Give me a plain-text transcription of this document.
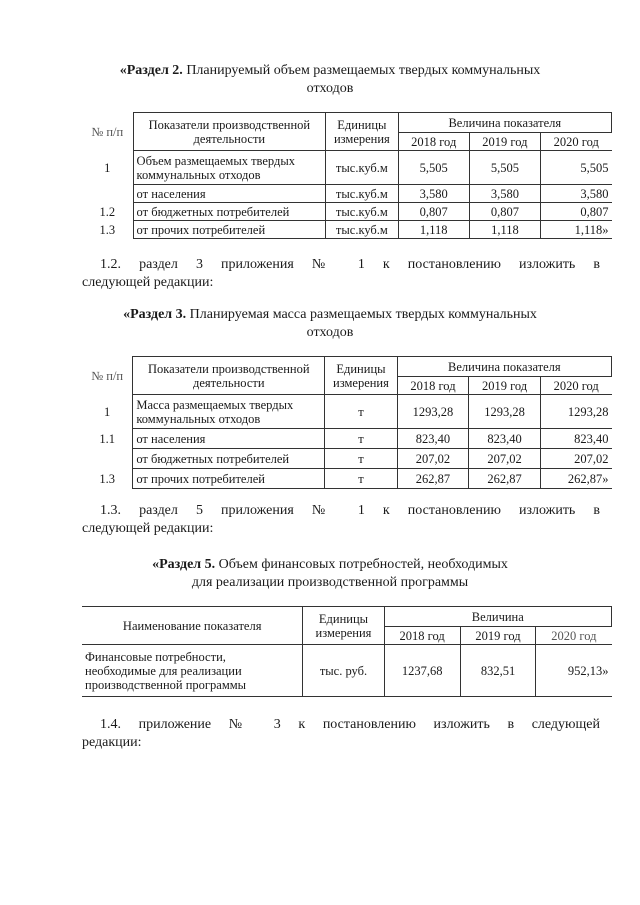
«Раздел 2. Планируемый объем размещаемых твердых коммунальных
отходов
№ п/п	Показатели производственной деятельности	Единицы измерения	Величина показателя		
			2018 год	2019 год	2020 год
1	Объем размещаемых твердых коммунальных отходов	тыс.куб.м	5,505	5,505	5,505
	от населения	тыс.куб.м	3,580	3,580	3,580
1.2	от бюджетных потребителей	тыс.куб.м	0,807	0,807	0,807
1.3	от прочих потребителей	тыс.куб.м	1,118	1,118	1,118»
1.2. раздел 3 приложения № 1 к постановлению изложить в
следующей редакции:
«Раздел 3. Планируемая масса размещаемых твердых коммунальных
отходов
№ п/п	Показатели производственной деятельности	Единицы измерения	Величина показателя		
			2018 год	2019 год	2020 год
1	Масса размещаемых твердых коммунальных отходов	т	1293,28	1293,28	1293,28
1.1	от населения	т	823,40	823,40	823,40
	от бюджетных потребителей	т	207,02	207,02	207,02
1.3	от прочих потребителей	т	262,87	262,87	262,87»
1.3. раздел 5 приложения № 1 к постановлению изложить в
следующей редакции:
«Раздел 5. Объем финансовых потребностей, необходимых
для реализации производственной программы
Наименование показателя	Единицы измерения	Величина		
		2018 год	2019 год	2020 год
Финансовые потребности, необходимые для реализации производственной программы	тыс. руб.	1237,68	832,51	952,13»
1.4. приложение № 3 к постановлению изложить в следующей
редакции:
